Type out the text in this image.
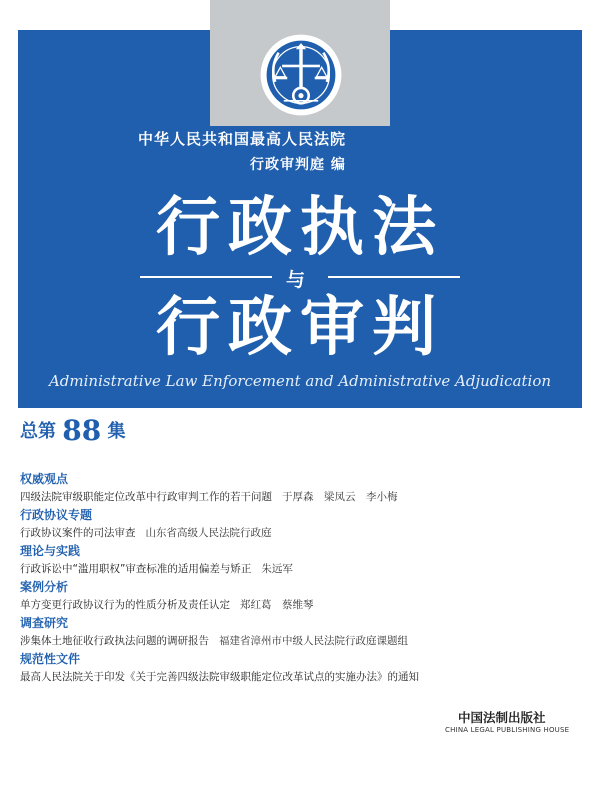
中华人民共和国最高人民法院
行政审判庭 编
行政执法
与
行政审判
Administrative Law Enforcement and Administrative Adjudication
总第 88 集
权威观点
四级法院审级职能定位改革中行政审判工作的若干问题 于厚森　梁凤云　李小梅
行政协议专题
行政协议案件的司法审查 山东省高级人民法院行政庭
理论与实践
行政诉讼中“滥用职权”审查标准的适用偏差与矫正 朱远军
案例分析
单方变更行政协议行为的性质分析及责任认定 郑红葛　蔡维琴
调查研究
涉集体土地征收行政执法问题的调研报告 福建省漳州市中级人民法院行政庭课题组
规范性文件
最高人民法院关于印发《关于完善四级法院审级职能定位改革试点的实施办法》的通知
中国法制出版社
CHINA LEGAL PUBLISHING HOUSE
